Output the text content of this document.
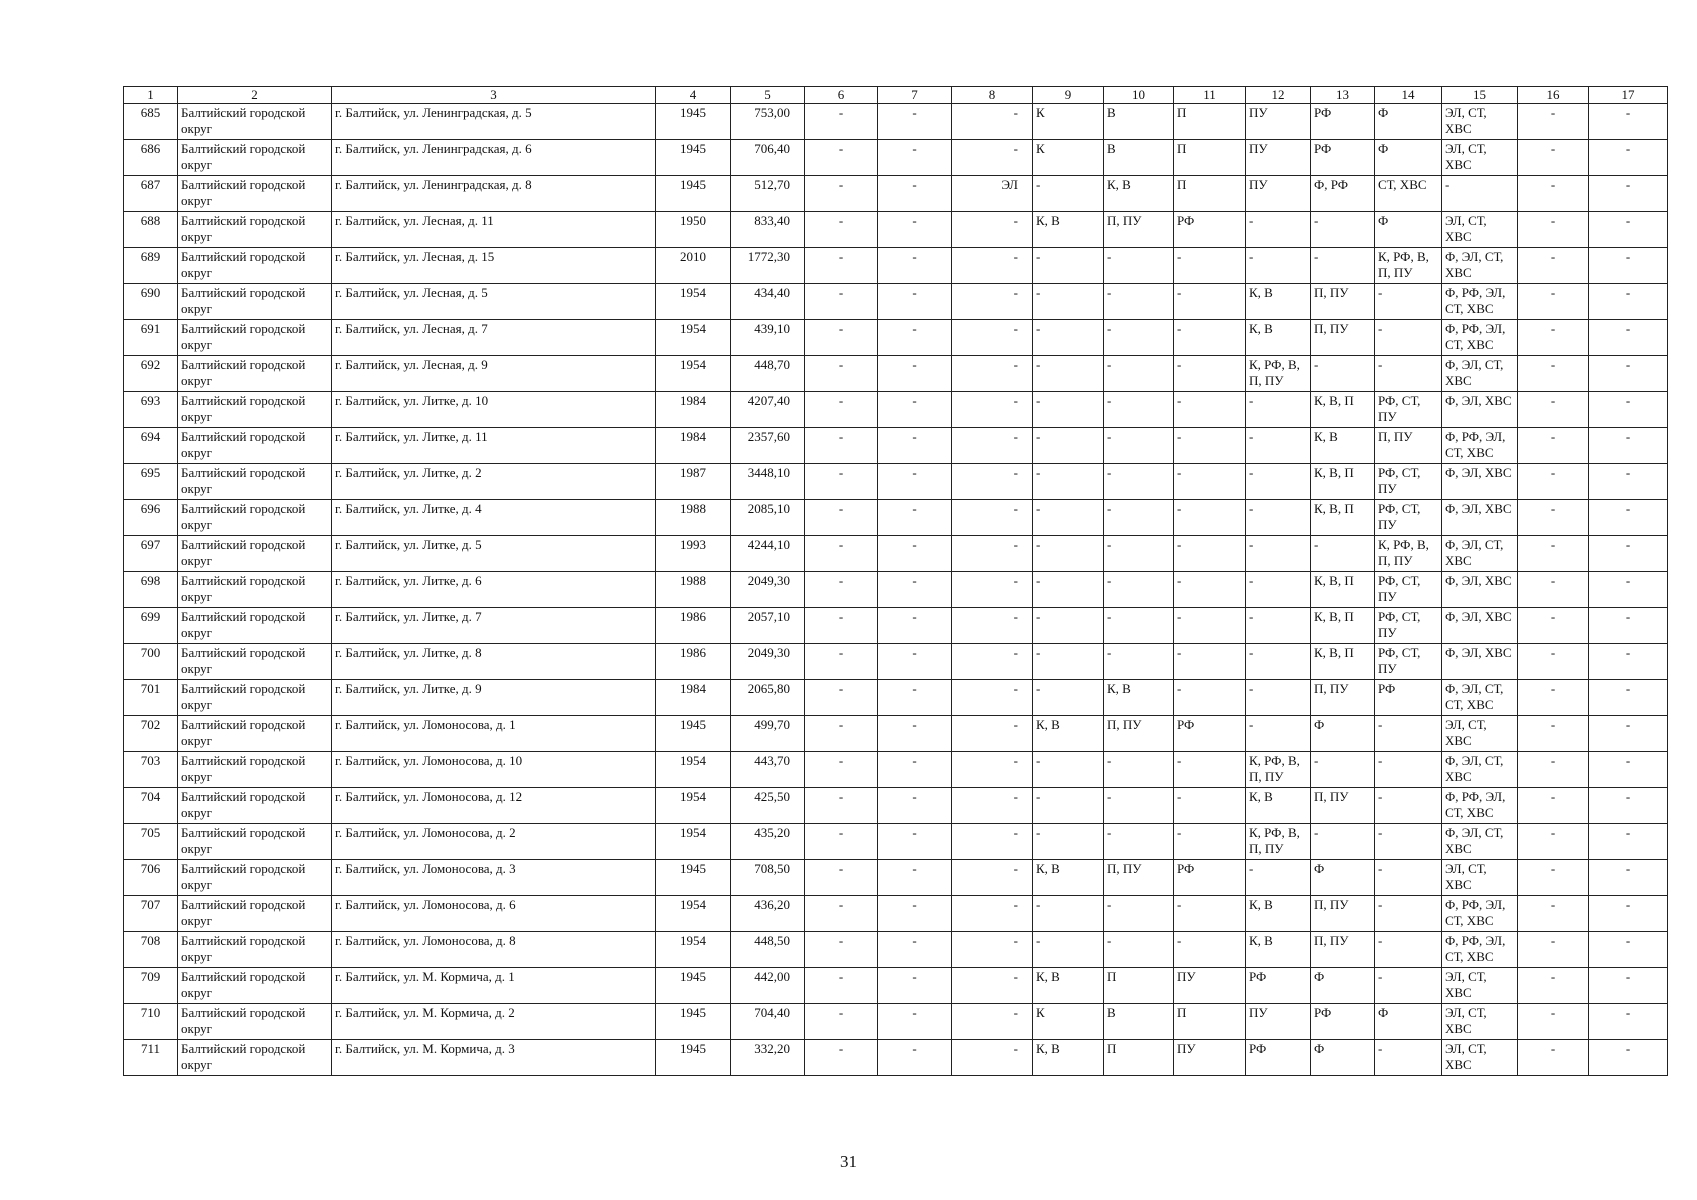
1	2	3	4	5	6	7	8	9	10	11	12	13	14	15	16	17
685	Балтийский городской округ	г. Балтийск, ул. Ленинградская, д. 5	1945	753,00	-	-	-	К	В	П	ПУ	РФ	Ф	ЭЛ, СТ, ХВС	-	-
686	Балтийский городской округ	г. Балтийск, ул. Ленинградская, д. 6	1945	706,40	-	-	-	К	В	П	ПУ	РФ	Ф	ЭЛ, СТ, ХВС	-	-
687	Балтийский городской округ	г. Балтийск, ул. Ленинградская, д. 8	1945	512,70	-	-	ЭЛ	-	К, В	П	ПУ	Ф, РФ	СТ, ХВС	-	-	-
688	Балтийский городской округ	г. Балтийск, ул. Лесная, д. 11	1950	833,40	-	-	-	К, В	П, ПУ	РФ	-	-	Ф	ЭЛ, СТ, ХВС	-	-
689	Балтийский городской округ	г. Балтийск, ул. Лесная, д. 15	2010	1772,30	-	-	-	-	-	-	-	-	К, РФ, В, П, ПУ	Ф, ЭЛ, СТ, ХВС	-	-
690	Балтийский городской округ	г. Балтийск, ул. Лесная, д. 5	1954	434,40	-	-	-	-	-	-	К, В	П, ПУ	-	Ф, РФ, ЭЛ, СТ, ХВС	-	-
691	Балтийский городской округ	г. Балтийск, ул. Лесная, д. 7	1954	439,10	-	-	-	-	-	-	К, В	П, ПУ	-	Ф, РФ, ЭЛ, СТ, ХВС	-	-
692	Балтийский городской округ	г. Балтийск, ул. Лесная, д. 9	1954	448,70	-	-	-	-	-	-	К, РФ, В, П, ПУ	-	-	Ф, ЭЛ, СТ, ХВС	-	-
693	Балтийский городской округ	г. Балтийск, ул. Литке, д. 10	1984	4207,40	-	-	-	-	-	-	-	К, В, П	РФ, СТ, ПУ	Ф, ЭЛ, ХВС	-	-
694	Балтийский городской округ	г. Балтийск, ул. Литке, д. 11	1984	2357,60	-	-	-	-	-	-	-	К, В	П, ПУ	Ф, РФ, ЭЛ, СТ, ХВС	-	-
695	Балтийский городской округ	г. Балтийск, ул. Литке, д. 2	1987	3448,10	-	-	-	-	-	-	-	К, В, П	РФ, СТ, ПУ	Ф, ЭЛ, ХВС	-	-
696	Балтийский городской округ	г. Балтийск, ул. Литке, д. 4	1988	2085,10	-	-	-	-	-	-	-	К, В, П	РФ, СТ, ПУ	Ф, ЭЛ, ХВС	-	-
697	Балтийский городской округ	г. Балтийск, ул. Литке, д. 5	1993	4244,10	-	-	-	-	-	-	-	-	К, РФ, В, П, ПУ	Ф, ЭЛ, СТ, ХВС	-	-
698	Балтийский городской округ	г. Балтийск, ул. Литке, д. 6	1988	2049,30	-	-	-	-	-	-	-	К, В, П	РФ, СТ, ПУ	Ф, ЭЛ, ХВС	-	-
699	Балтийский городской округ	г. Балтийск, ул. Литке, д. 7	1986	2057,10	-	-	-	-	-	-	-	К, В, П	РФ, СТ, ПУ	Ф, ЭЛ, ХВС	-	-
700	Балтийский городской округ	г. Балтийск, ул. Литке, д. 8	1986	2049,30	-	-	-	-	-	-	-	К, В, П	РФ, СТ, ПУ	Ф, ЭЛ, ХВС	-	-
701	Балтийский городской округ	г. Балтийск, ул. Литке, д. 9	1984	2065,80	-	-	-	-	К, В	-	-	П, ПУ	РФ	Ф, ЭЛ, СТ, СТ, ХВС	-	-
702	Балтийский городской округ	г. Балтийск, ул. Ломоносова, д. 1	1945	499,70	-	-	-	К, В	П, ПУ	РФ	-	Ф	-	ЭЛ, СТ, ХВС	-	-
703	Балтийский городской округ	г. Балтийск, ул. Ломоносова, д. 10	1954	443,70	-	-	-	-	-	-	К, РФ, В, П, ПУ	-	-	Ф, ЭЛ, СТ, ХВС	-	-
704	Балтийский городской округ	г. Балтийск, ул. Ломоносова, д. 12	1954	425,50	-	-	-	-	-	-	К, В	П, ПУ	-	Ф, РФ, ЭЛ, СТ, ХВС	-	-
705	Балтийский городской округ	г. Балтийск, ул. Ломоносова, д. 2	1954	435,20	-	-	-	-	-	-	К, РФ, В, П, ПУ	-	-	Ф, ЭЛ, СТ, ХВС	-	-
706	Балтийский городской округ	г. Балтийск, ул. Ломоносова, д. 3	1945	708,50	-	-	-	К, В	П, ПУ	РФ	-	Ф	-	ЭЛ, СТ, ХВС	-	-
707	Балтийский городской округ	г. Балтийск, ул. Ломоносова, д. 6	1954	436,20	-	-	-	-	-	-	К, В	П, ПУ	-	Ф, РФ, ЭЛ, СТ, ХВС	-	-
708	Балтийский городской округ	г. Балтийск, ул. Ломоносова, д. 8	1954	448,50	-	-	-	-	-	-	К, В	П, ПУ	-	Ф, РФ, ЭЛ, СТ, ХВС	-	-
709	Балтийский городской округ	г. Балтийск, ул. М. Кормича, д. 1	1945	442,00	-	-	-	К, В	П	ПУ	РФ	Ф	-	ЭЛ, СТ, ХВС	-	-
710	Балтийский городской округ	г. Балтийск, ул. М. Кормича, д. 2	1945	704,40	-	-	-	К	В	П	ПУ	РФ	Ф	ЭЛ, СТ, ХВС	-	-
711	Балтийский городской округ	г. Балтийск, ул. М. Кормича, д. 3	1945	332,20	-	-	-	К, В	П	ПУ	РФ	Ф	-	ЭЛ, СТ, ХВС	-	-
31
